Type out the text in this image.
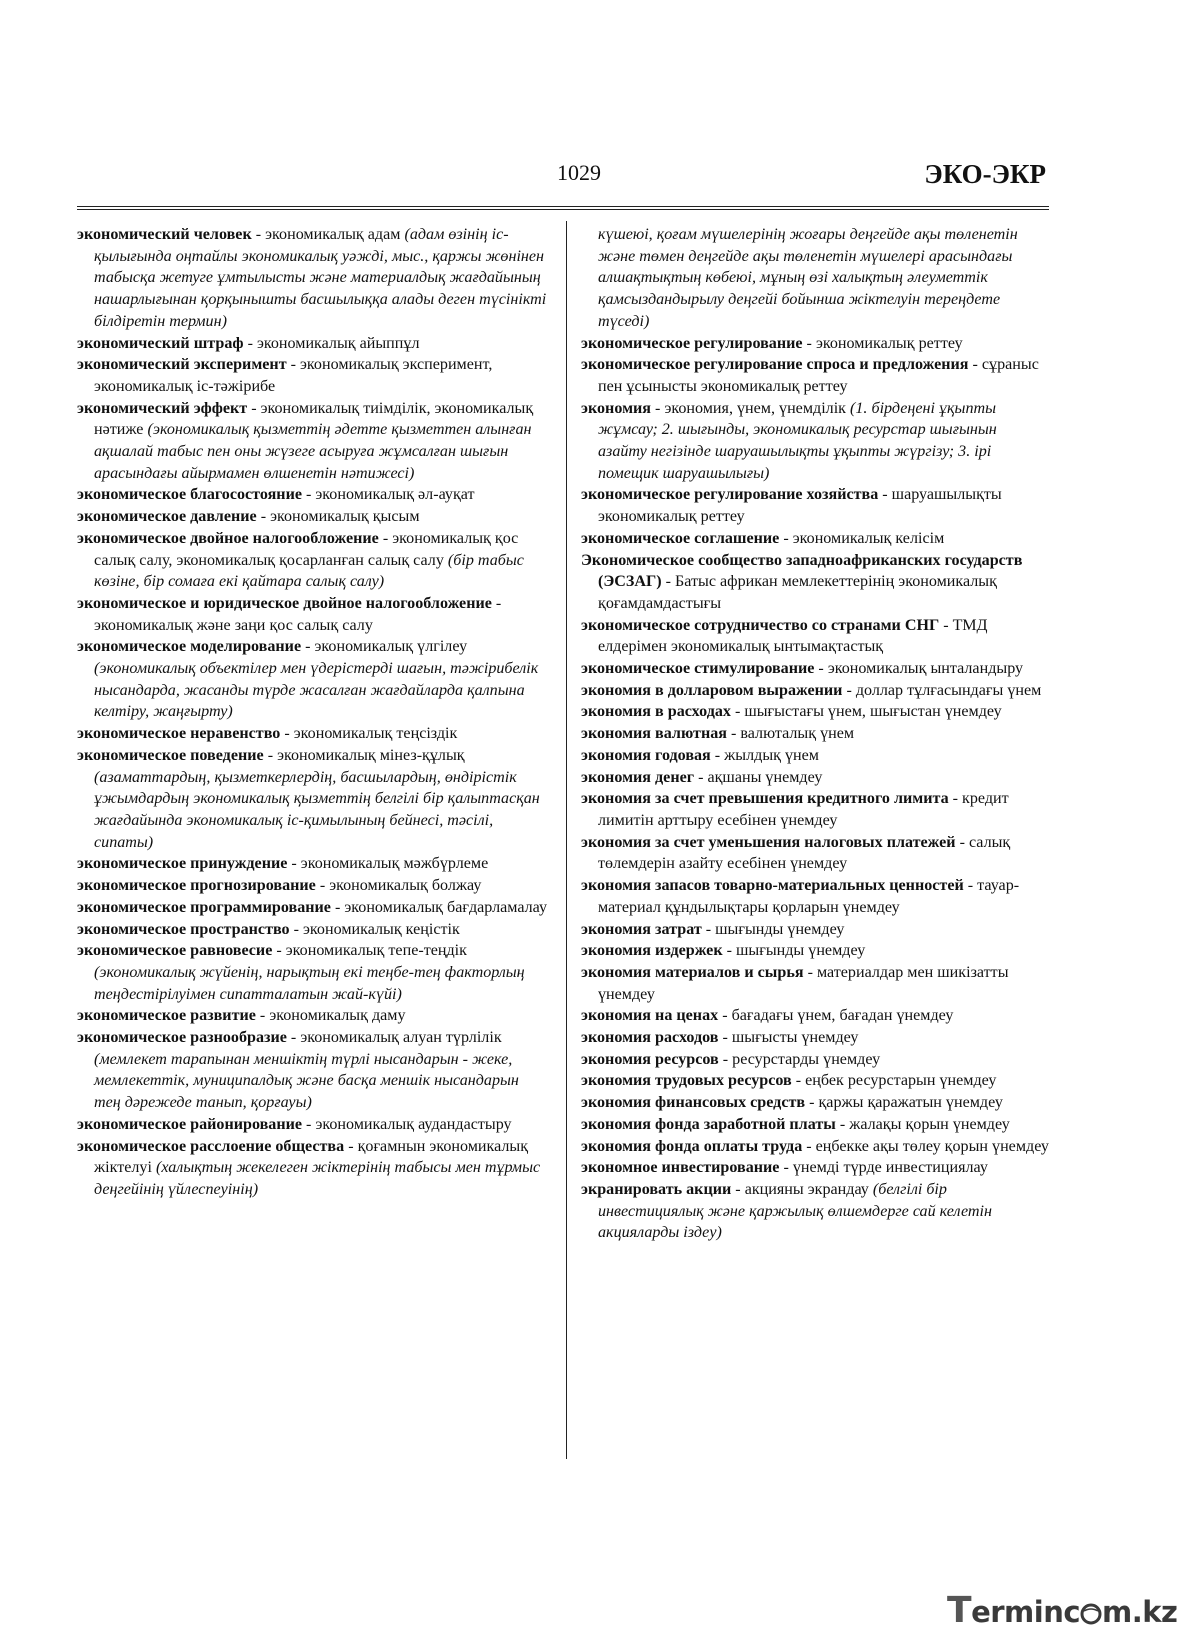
1029	ЭКО-ЭКР

экономический человек - экономикалық адам (адам өзінің іс-қылығында оңтайлы экономикалық уәжді, мыс., қаржы жөнінен табысқа жетуге ұмтылысты және материалдық жағдайының нашарлығынан қорқынышты басшылыққа алады деген түсінікті білдіретін термин)

экономический штраф - экономикалық айыппұл

экономический эксперимент - экономикалық эксперимент, экономикалық іс-тәжірибе

экономический эффект - экономикалық тиімділік, экономикалық нәтиже (экономикалық қызметтің әдетте қызметтен алынған ақшалай табыс пен оны жүзеге асыруға жұмсалған шығын арасындағы айырмамен өлшенетін нәтижесі)

экономическое благосостояние - экономикалық әл-ауқат

экономическое давление - экономикалық қысым

экономическое двойное налогообложение - экономикалық қос салық салу, экономикалық қосарланған салық салу (бір табыс көзіне, бір сомаға екі қайтара салық салу)

экономическое и юридическое двойное налогообложение - экономикалық және заңи қос салық салу

экономическое моделирование - экономикалық үлгілеу (экономикалық объектілер мен үдерістерді шағын, тәжірибелік нысандарда, жасанды түрде жасалған жағдайларда қалпына келтіру, жаңғырту)

экономическое неравенство - экономикалық теңсіздік

экономическое поведение - экономикалық мінез-құлық (азаматтардың, қызметкерлердің, басшылардың, өндірістік ұжымдардың экономикалық қызметтің белгілі бір қалыптасқан жағдайында экономикалық іс-қимылының бейнесі, тәсілі, сипаты)

экономическое принуждение - экономикалық мәжбүрлеме

экономическое прогнозирование - экономикалық болжау

экономическое программирование - экономикалық бағдарламалау

экономическое пространство - экономикалық кеңістік

экономическое равновесие - экономикалық тепе-теңдік (экономикалық жүйенің, нарықтың екі теңбе-тең факторлың теңдестірілуімен сипатталатын жай-күйі)

экономическое развитие - экономикалық даму

экономическое разнообразие - экономикалық алуан түрлілік (мемлекет тарапынан меншіктің түрлі нысандарын - жеке, мемлекеттік, муниципалдық және басқа меншік нысандарын тең дәрежеде танып, қорғауы)

экономическое районирование - экономикалық аудандастыру

экономическое расслоение общества - қоғамнын экономикалық жіктелуі (халықтың жекелеген жіктерінің табысы мен тұрмыс деңгейінің үйлеспеуінің)

күшеюі, қоғам мүшелерінің жоғары деңгейде ақы төленетін және төмен деңгейде ақы төленетін мүшелері арасындағы алшақтықтың көбеюі, мұның өзі халықтың әлеуметтік қамсыздандырылу деңгейі бойынша жіктелуін тереңдете түседі)

экономическое регулирование - экономикалық реттеу

экономическое регулирование спроса и предложения - сұраныс пен ұсынысты экономикалық реттеу

экономия - экономия, үнем, үнемділік (1. бірдеңені ұқыпты жұмсау; 2. шығынды, экономикалық ресурстар шығынын азайту негізінде шаруашылықты ұқыпты жүргізу; 3. ірі помещик шаруашылығы)

экономическое регулирование хозяйства - шаруашылықты экономикалық реттеу

экономическое соглашение - экономикалық келісім

Экономическое сообщество западноафриканских государств (ЭСЗАГ) - Батыс африкан мемлекеттерінің экономикалық қоғамдамдастығы

экономическое сотрудничество со странами СНГ - ТМД елдерімен экономикалық ынтымақтастық

экономическое стимулирование - экономикалық ынталандыру

экономия в долларовом выражении - доллар тұлғасындағы үнем

экономия в расходах - шығыстағы үнем, шығыстан үнемдеу

экономия валютная - валюталық үнем

экономия годовая - жылдық үнем

экономия денег - ақшаны үнемдеу

экономия за счет превышения кредитного лимита - кредит лимитін арттыру есебінен үнемдеу

экономия за счет уменьшения налоговых платежей - салық төлемдерін азайту есебінен үнемдеу

экономия запасов товарно-материальных ценностей - тауар-материал құндылықтары қорларын үнемдеу

экономия затрат - шығынды үнемдеу

экономия издержек - шығынды үнемдеу

экономия материалов и сырья - материалдар мен шикізатты үнемдеу

экономия на ценах - бағадағы үнем, бағадан үнемдеу

экономия расходов - шығысты үнемдеу

экономия ресурсов - ресурстарды үнемдеу

экономия трудовых ресурсов - еңбек ресурстарын үнемдеу

экономия финансовых средств - қаржы қаражатын үнемдеу

экономия фонда заработной платы - жалақы қорын үнемдеу

экономия фонда оплаты труда - еңбекке ақы төлеу қорын үнемдеу

экономное инвестирование - үнемді түрде инвестициялау

экранировать акции - акцияны экрандау (белгілі бір инвестициялық және қаржылық өлшемдерге сай келетін акцияларды іздеу)

Terminc m.kz
